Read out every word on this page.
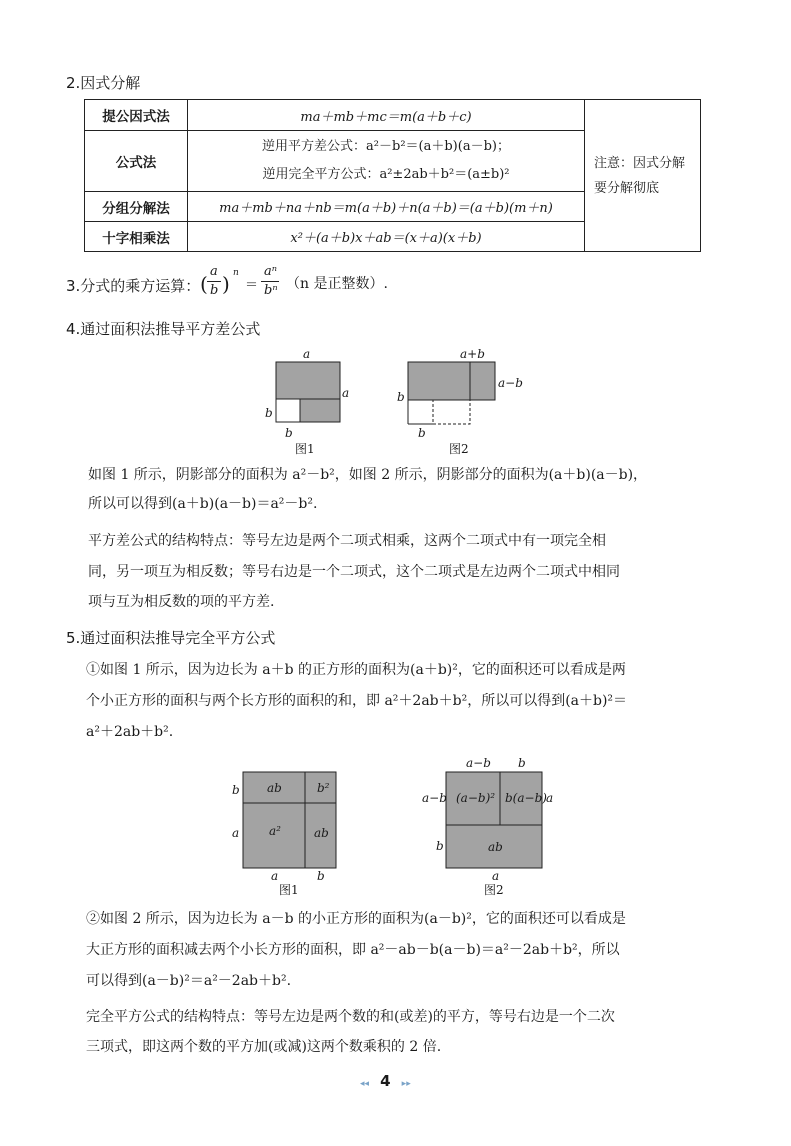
2.因式分解
提公因式法	ma＋mb＋mc＝m(a＋b＋c)	注意：因式分解
要分解彻底

公式法	逆用平方差公式：a²－b²＝(a＋b)(a－b)；
逆用完全平方公式：a²±2ab＋b²＝(a±b)²	

分组分解法	ma＋mb＋na＋nb＝m(a＋b)＋n(a＋b)＝(a＋b)(m＋n)	
十字相乘法	x²＋(a＋b)x＋ab＝(x＋a)(x＋b)	
3.分式的乘方运算： (
a
b ) n
＝
aⁿ
bⁿ （n 是正整数）.
4.通过面积法推导平方差公式
a
a
b
b
图1
a+b
a−b
b
b
图2
如图 1 所示，阴影部分的面积为 a²－b²，如图 2 所示，阴影部分的面积为(a＋b)(a－b)，
所以可以得到(a＋b)(a－b)＝a²－b².
平方差公式的结构特点：等号左边是两个二项式相乘，这两个二项式中有一项完全相
同，另一项互为相反数；等号右边是一个二项式，这个二项式是左边两个二项式中相同
项与互为相反数的项的平方差.
5.通过面积法推导完全平方公式
①如图 1 所示，因为边长为 a＋b 的正方形的面积为(a＋b)²，它的面积还可以看成是两
个小正方形的面积与两个长方形的面积的和，即 a²＋2ab＋b²，所以可以得到(a＋b)²＝
a²＋2ab＋b².
ab	b²
a²	ab
b
a
a	b
图1
a−b b
a−b
b
a
(a−b)² b(a−b)
ab
a
图2
②如图 2 所示，因为边长为 a－b 的小正方形的面积为(a－b)²，它的面积还可以看成是
大正方形的面积减去两个小长方形的面积，即 a²－ab－b(a－b)＝a²－2ab＋b²，所以
可以得到(a－b)²＝a²－2ab＋b².
完全平方公式的结构特点：等号左边是两个数的和(或差)的平方，等号右边是一个二次
三项式，即这两个数的平方加(或减)这两个数乘积的 2 倍.
◂◂ 4 ▸▸
